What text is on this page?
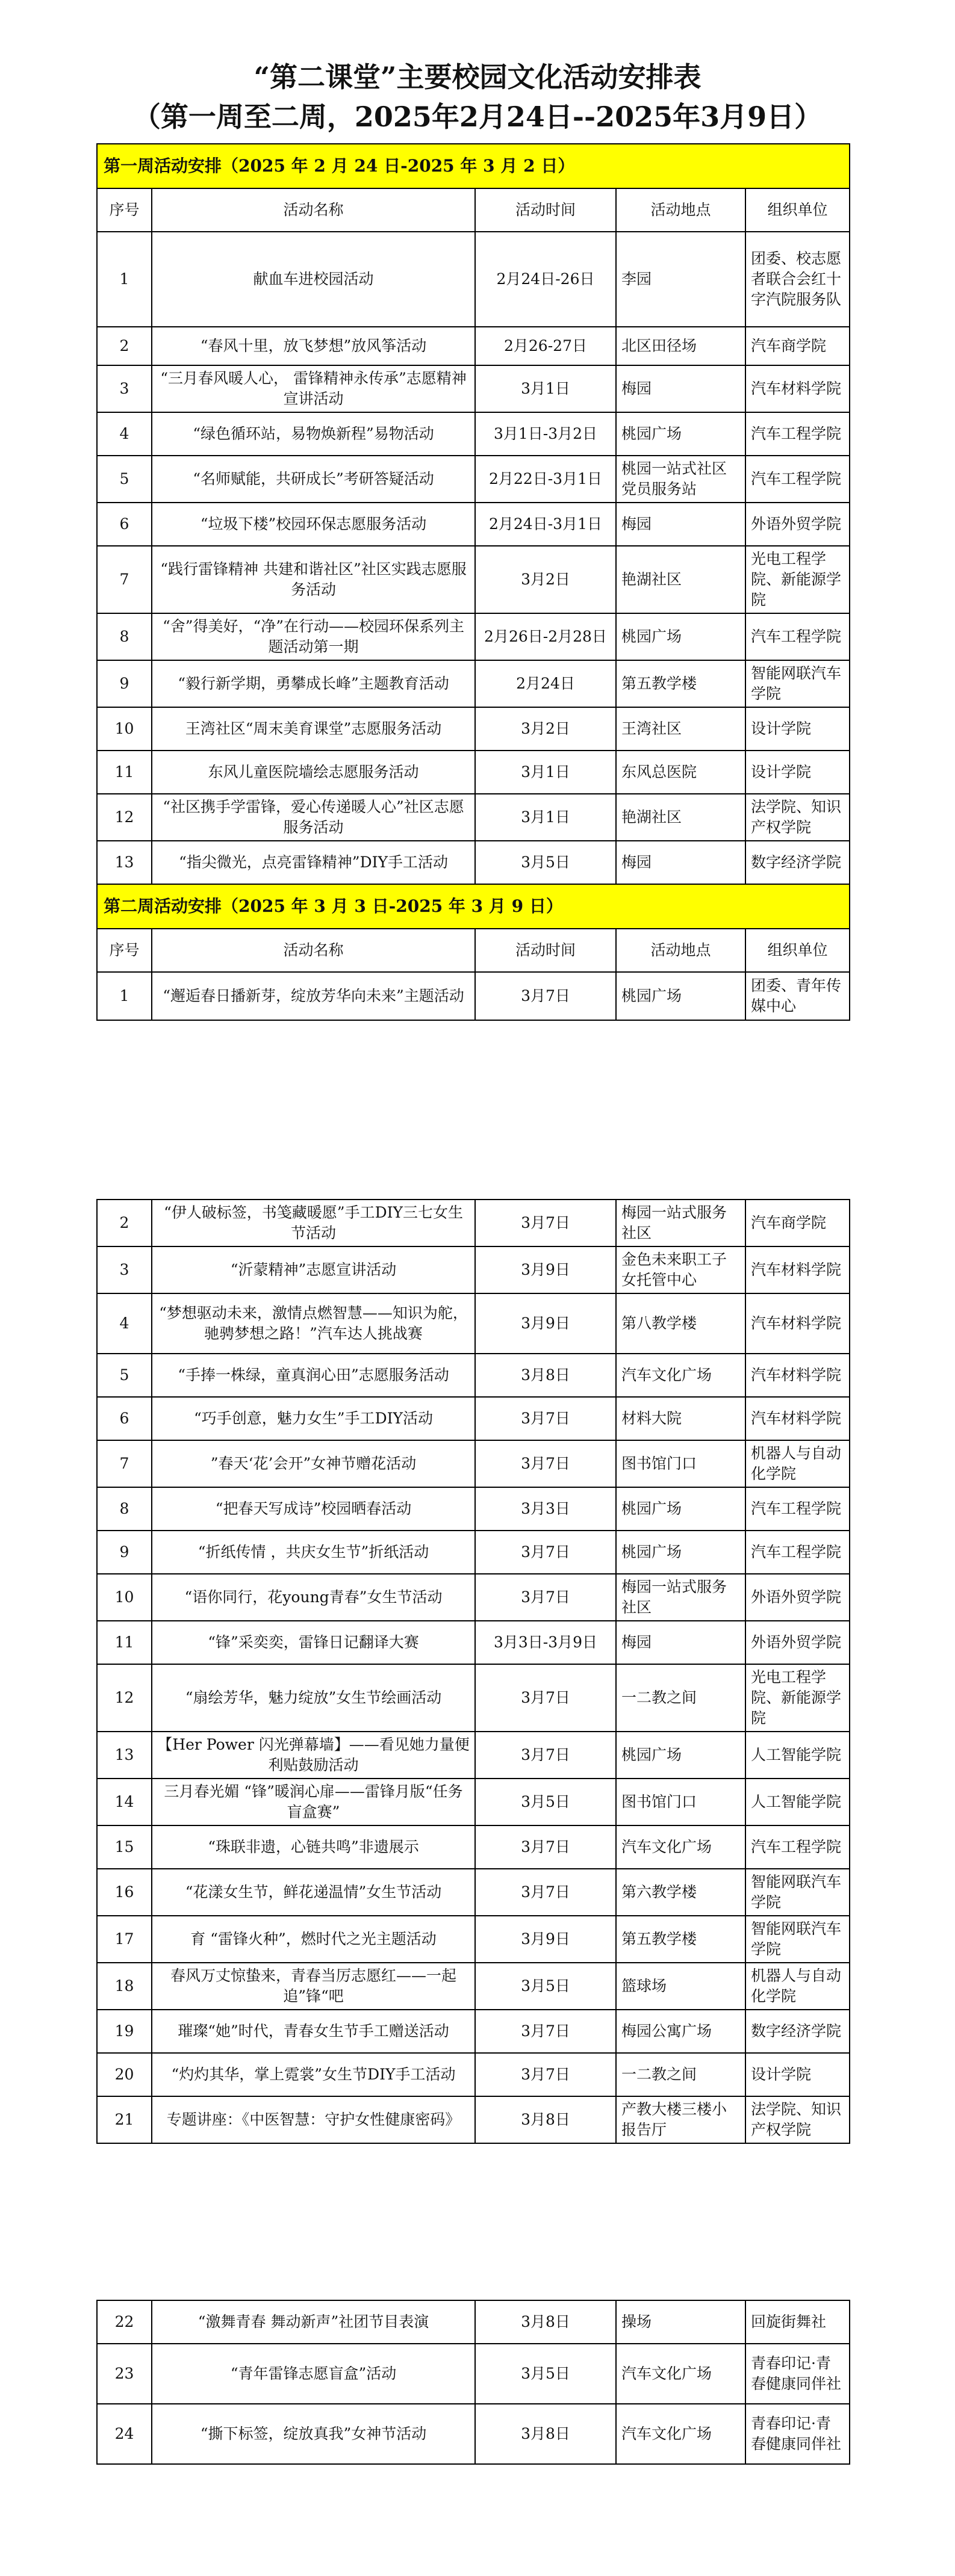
“第二课堂”主要校园文化活动安排表
（第一周至二周，2025年2月24日--2025年3月9日）
第一周活动安排（2025 年 2 月 24 日-2025 年 3 月 2 日）				
序号	活动名称	活动时间	活动地点	组织单位
1	献血车进校园活动	2月24日-26日	李园	团委、校志愿者联合会红十字汽院服务队
2	“春风十里，放飞梦想”放风筝活动	2月26-27日	北区田径场	汽车商学院
3	“三月春风暖人心， 雷锋精神永传承”志愿精神宣讲活动	3月1日	梅园	汽车材料学院
4	“绿色循环站，易物焕新程”易物活动	3月1日-3月2日	桃园广场	汽车工程学院
5	“名师赋能，共研成长”考研答疑活动	2月22日-3月1日	桃园一站式社区党员服务站	汽车工程学院
6	“垃圾下楼”校园环保志愿服务活动	2月24日-3月1日	梅园	外语外贸学院
7	“践行雷锋精神 共建和谐社区”社区实践志愿服务活动	3月2日	艳湖社区	光电工程学院、新能源学院
8	“舍”得美好，“净”在行动——校园环保系列主题活动第一期	2月26日-2月28日	桃园广场	汽车工程学院
9	“毅行新学期，勇攀成长峰”主题教育活动	2月24日	第五教学楼	智能网联汽车学院
10	王湾社区“周末美育课堂”志愿服务活动	3月2日	王湾社区	设计学院
11	东风儿童医院墙绘志愿服务活动	3月1日	东风总医院	设计学院
12	“社区携手学雷锋，爱心传递暖人心”社区志愿服务活动	3月1日	艳湖社区	法学院、知识产权学院
13	“指尖微光，点亮雷锋精神”DIY手工活动	3月5日	梅园	数字经济学院
第二周活动安排（2025 年 3 月 3 日-2025 年 3 月 9 日）				
序号	活动名称	活动时间	活动地点	组织单位
1	“邂逅春日播新芽，绽放芳华向未来”主题活动	3月7日	桃园广场	团委、青年传媒中心
2	“伊人破标签，书笺藏暖愿”手工DIY三七女生节活动	3月7日	梅园一站式服务社区	汽车商学院
3	“沂蒙精神”志愿宣讲活动	3月9日	金色未来职工子女托管中心	汽车材料学院
4	“梦想驱动未来，激情点燃智慧——知识为舵，驰骋梦想之路！”汽车达人挑战赛	3月9日	第八教学楼	汽车材料学院
5	“手捧一株绿，童真润心田”志愿服务活动	3月8日	汽车文化广场	汽车材料学院
6	“巧手创意，魅力女生”手工DIY活动	3月7日	材料大院	汽车材料学院
7	”春天‘花’会开”女神节赠花活动	3月7日	图书馆门口	机器人与自动化学院
8	“把春天写成诗”校园晒春活动	3月3日	桃园广场	汽车工程学院
9	“折纸传情 ，共庆女生节”折纸活动	3月7日	桃园广场	汽车工程学院
10	“语你同行，花young青春”女生节活动	3月7日	梅园一站式服务社区	外语外贸学院
11	“锋”采奕奕，雷锋日记翻译大赛	3月3日-3月9日	梅园	外语外贸学院
12	“扇绘芳华，魅力绽放”女生节绘画活动	3月7日	一二教之间	光电工程学院、新能源学院
13	【Her Power 闪光弹幕墙】——看见她力量便利贴鼓励活动	3月7日	桃园广场	人工智能学院
14	三月春光媚 “锋”暖润心扉——雷锋月版“任务盲盒赛”	3月5日	图书馆门口	人工智能学院
15	“珠联非遗，心链共鸣”非遗展示	3月7日	汽车文化广场	汽车工程学院
16	“花漾女生节，鲜花递温情”女生节活动	3月7日	第六教学楼	智能网联汽车学院
17	育 “雷锋火种”，燃时代之光主题活动	3月9日	第五教学楼	智能网联汽车学院
18	春风万丈惊蛰来，青春当厉志愿红——一起追”锋“吧	3月5日	篮球场	机器人与自动化学院
19	璀璨“她”时代，青春女生节手工赠送活动	3月7日	梅园公寓广场	数字经济学院
20	“灼灼其华，掌上霓裳”女生节DIY手工活动	3月7日	一二教之间	设计学院
21	专题讲座：《中医智慧：守护女性健康密码》	3月8日	产教大楼三楼小报告厅	法学院、知识产权学院
22	“激舞青春 舞动新声”社团节目表演	3月8日	操场	回旋街舞社
23	“青年雷锋志愿盲盒”活动	3月5日	汽车文化广场	青春印记·青春健康同伴社
24	“撕下标签，绽放真我”女神节活动	3月8日	汽车文化广场	青春印记·青春健康同伴社
